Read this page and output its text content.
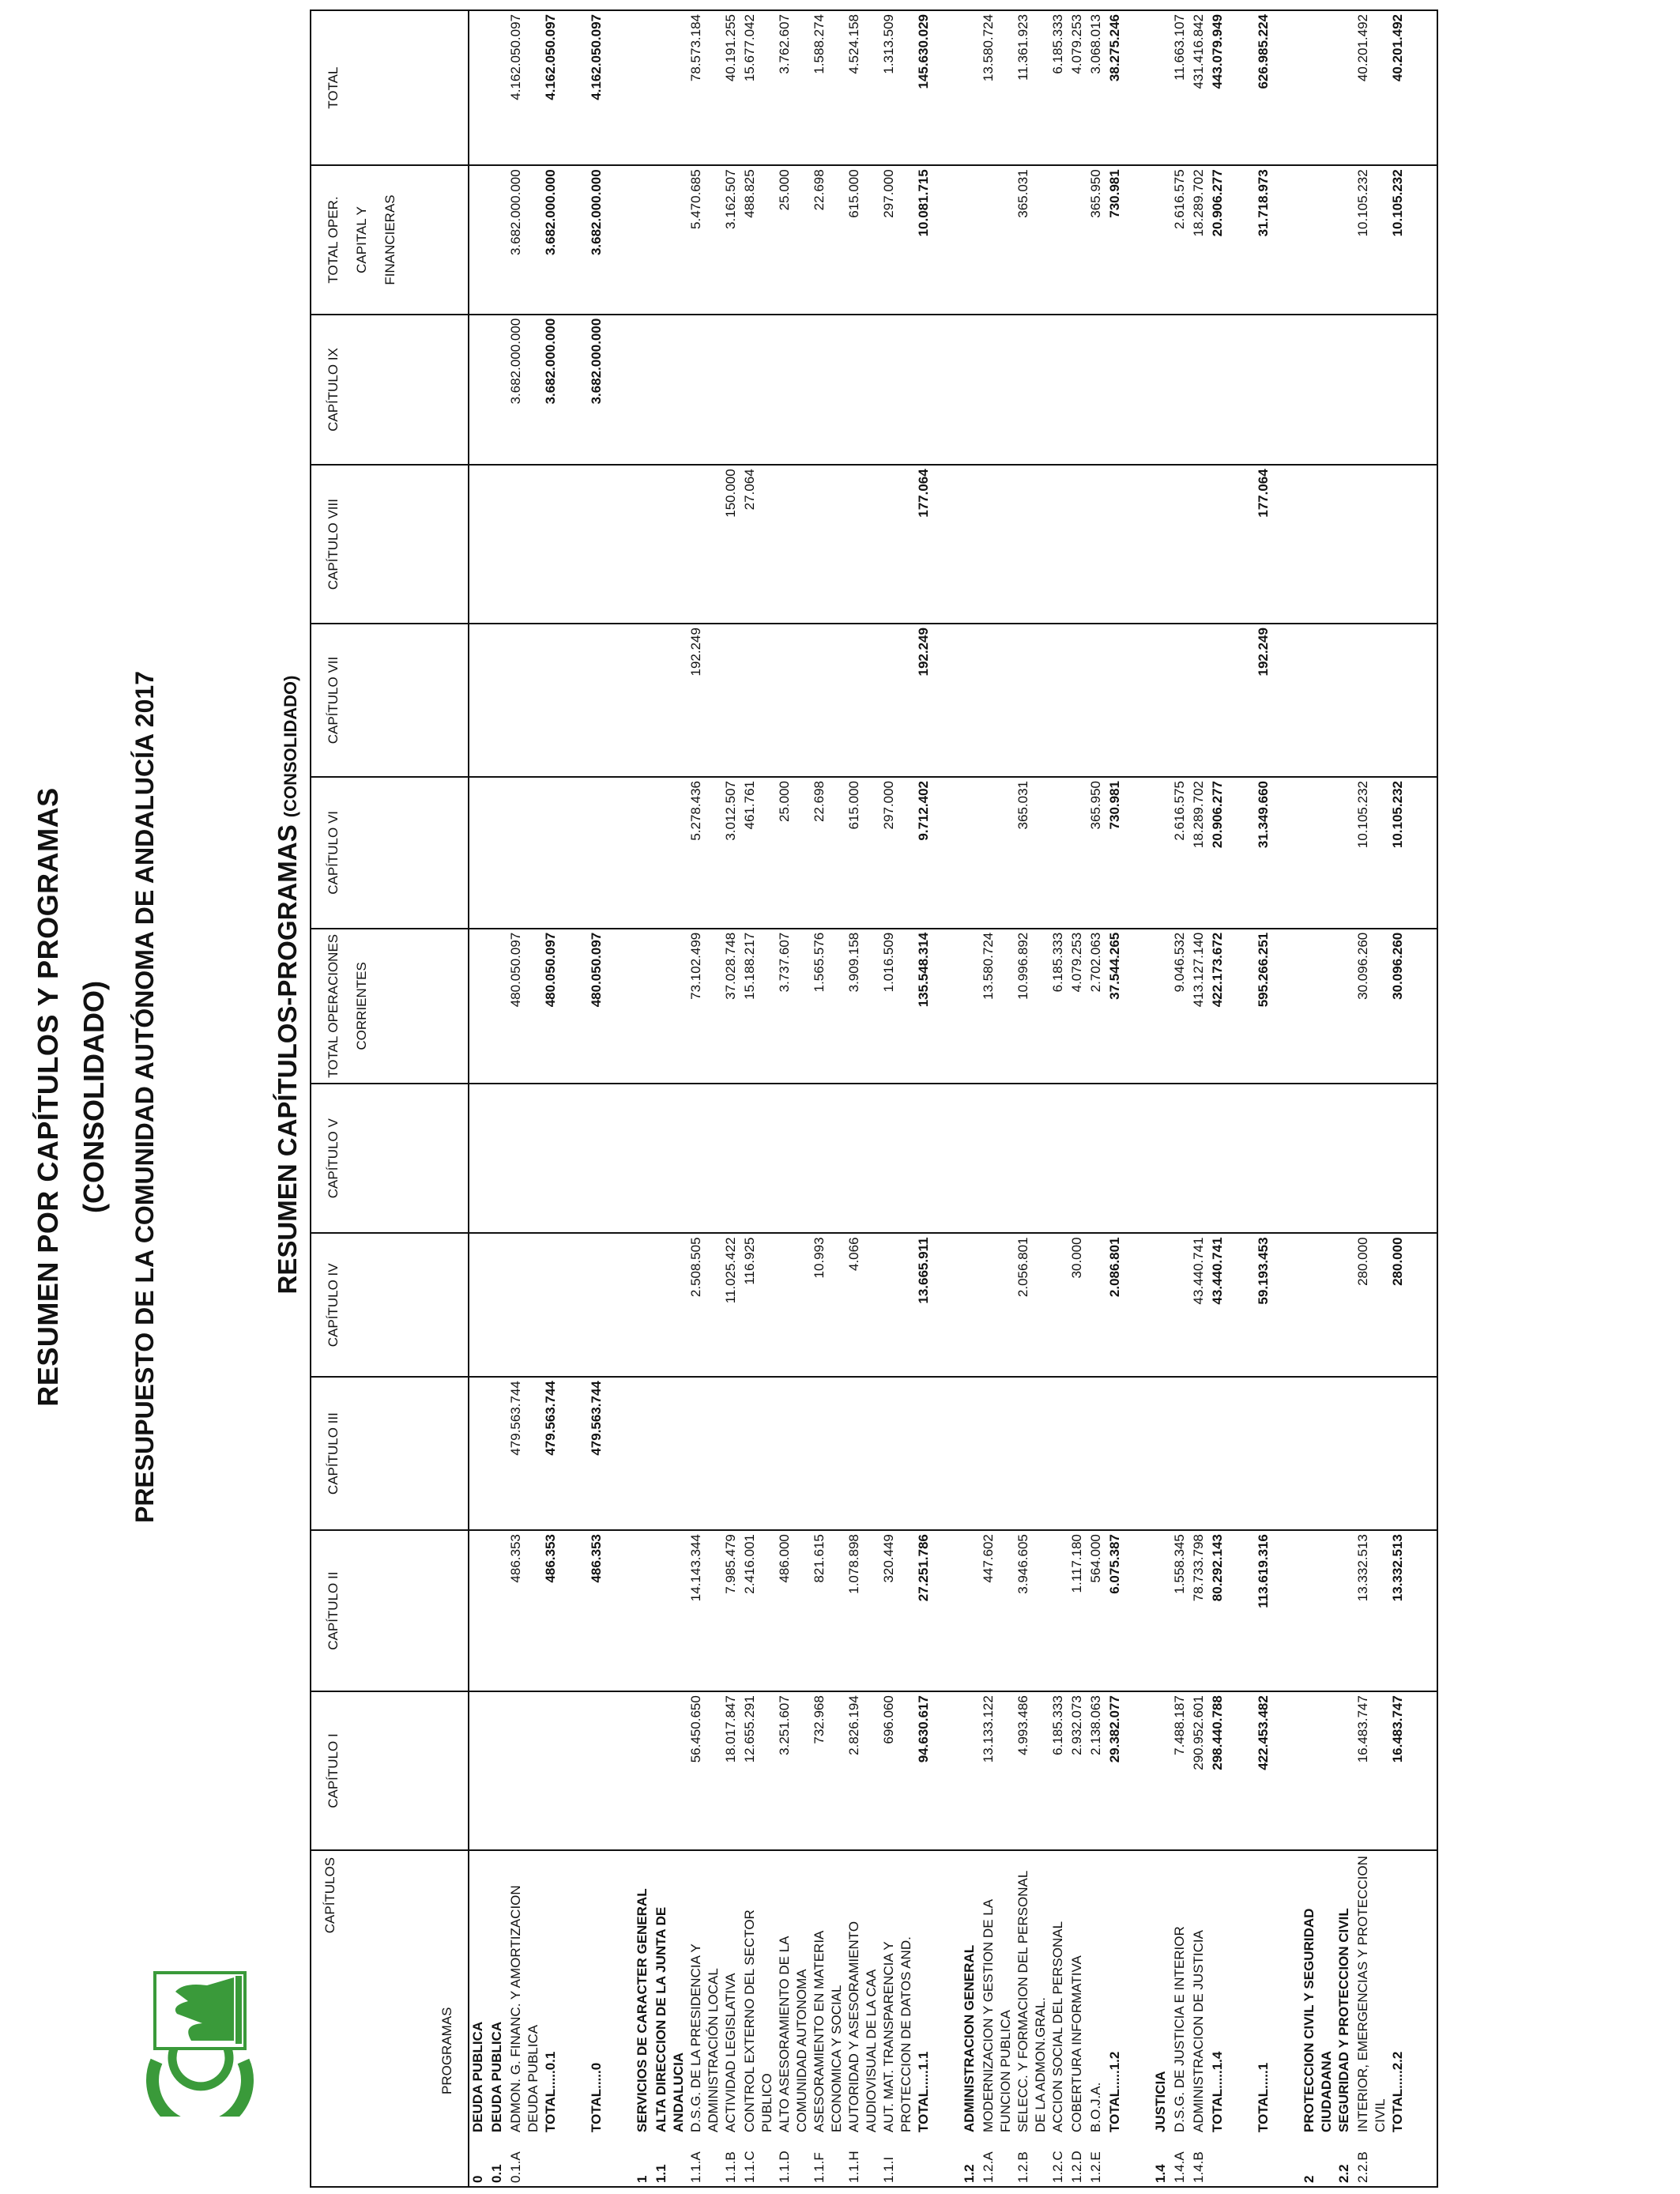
RESUMEN POR CAPÍTULOS Y PROGRAMAS (CONSOLIDADO) PRESUPUESTO DE LA COMUNIDAD AUTÓNOMA DE ANDALUCÍA 2017	RESUMEN CAPÍTULOS-PROGRAMAS (CONSOLIDADO)
CAPÍTULOS
PROGRAMAS		CAPÍTULO I	CAPÍTULO II	CAPÍTULO III	CAPÍTULO IV	CAPÍTULO V	TOTAL OPERACIONES CORRIENTES	CAPÍTULO VI	CAPÍTULO VII	CAPÍTULO VIII	CAPÍTULO IX	TOTAL OPER. CAPITAL Y FINANCIERAS	TOTAL
0	DEUDA PUBLICA												
0.1	DEUDA PUBLICA												
0.1.A	ADMON. G. FINANC. Y AMORTIZACION DEUDA PUBLICA		486.353	479.563.744			480.050.097				3.682.000.000	3.682.000.000	4.162.050.097
	TOTAL.....0.1		486.353	479.563.744			480.050.097				3.682.000.000	3.682.000.000	4.162.050.097

	TOTAL.....0		486.353	479.563.744			480.050.097				3.682.000.000	3.682.000.000	4.162.050.097

1	SERVICIOS DE CARACTER GENERAL												
1.1	ALTA DIRECCION DE LA JUNTA DE ANDALUCIA												
1.1.A	D.S.G. DE LA PRESIDENCIA Y ADMINISTRACIÓN LOCAL	56.450.650	14.143.344		2.508.505		73.102.499	5.278.436	192.249			5.470.685	78.573.184
1.1.B	ACTIVIDAD LEGISLATIVA	18.017.847	7.985.479		11.025.422		37.028.748	3.012.507		150.000		3.162.507	40.191.255
1.1.C	CONTROL EXTERNO DEL SECTOR PUBLICO	12.655.291	2.416.001		116.925		15.188.217	461.761		27.064		488.825	15.677.042
1.1.D	ALTO ASESORAMIENTO DE LA COMUNIDAD AUTONOMA	3.251.607	486.000				3.737.607	25.000				25.000	3.762.607
1.1.F	ASESORAMIENTO EN MATERIA ECONOMICA Y SOCIAL	732.968	821.615		10.993		1.565.576	22.698				22.698	1.588.274
1.1.H	AUTORIDAD Y ASESORAMIENTO AUDIOVISUAL DE LA CAA	2.826.194	1.078.898		4.066		3.909.158	615.000				615.000	4.524.158
1.1.I	AUT. MAT. TRANSPARENCIA Y PROTECCION DE DATOS AND.	696.060	320.449				1.016.509	297.000				297.000	1.313.509
	TOTAL.....1.1	94.630.617	27.251.786		13.665.911		135.548.314	9.712.402	192.249	177.064		10.081.715	145.630.029

1.2	ADMINISTRACION GENERAL												
1.2.A	MODERNIZACION Y GESTION DE LA FUNCION PUBLICA	13.133.122	447.602				13.580.724						13.580.724
1.2.B	SELECC. Y FORMACION DEL PERSONAL DE LA ADMON.GRAL.	4.993.486	3.946.605		2.056.801		10.996.892	365.031				365.031	11.361.923
1.2.C	ACCION SOCIAL DEL PERSONAL	6.185.333					6.185.333						6.185.333
1.2.D	COBERTURA INFORMATIVA	2.932.073	1.117.180		30.000		4.079.253						4.079.253
1.2.E	B.O.J.A.	2.138.063	564.000				2.702.063	365.950				365.950	3.068.013
	TOTAL.....1.2	29.382.077	6.075.387		2.086.801		37.544.265	730.981				730.981	38.275.246

1.4	JUSTICIA												
1.4.A	D.S.G. DE JUSTICIA E INTERIOR	7.488.187	1.558.345				9.046.532	2.616.575				2.616.575	11.663.107
1.4.B	ADMINISTRACION DE JUSTICIA	290.952.601	78.733.798		43.440.741		413.127.140	18.289.702				18.289.702	431.416.842
	TOTAL.....1.4	298.440.788	80.292.143		43.440.741		422.173.672	20.906.277				20.906.277	443.079.949

	TOTAL.....1	422.453.482	113.619.316		59.193.453		595.266.251	31.349.660	192.249	177.064		31.718.973	626.985.224

2	PROTECCION CIVIL Y SEGURIDAD CIUDADANA												
2.2	SEGURIDAD Y PROTECCION CIVIL												
2.2.B	INTERIOR, EMERGENCIAS Y PROTECCION CIVIL	16.483.747	13.332.513		280.000		30.096.260	10.105.232				10.105.232	40.201.492
	TOTAL.....2.2	16.483.747	13.332.513		280.000		30.096.260	10.105.232				10.105.232	40.201.492
